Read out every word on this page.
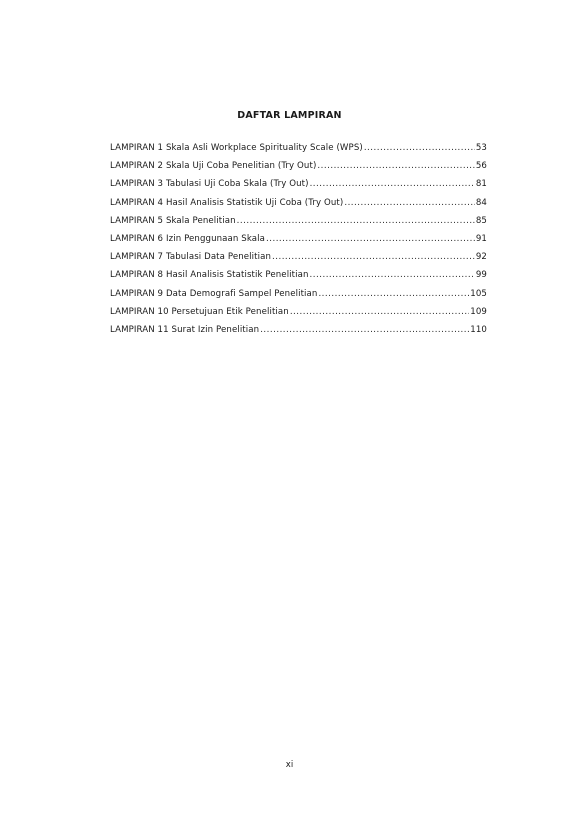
DAFTAR LAMPIRAN
LAMPIRAN 1 Skala Asli Workplace Spirituality Scale (WPS) .....	53
LAMPIRAN 2 Skala Uji Coba Penelitian (Try Out) .....	56
LAMPIRAN 3 Tabulasi Uji Coba Skala (Try Out) .....	81
LAMPIRAN 4 Hasil Analisis Statistik Uji Coba (Try Out) .....	84
LAMPIRAN 5 Skala Penelitian .....	85
LAMPIRAN 6 Izin Penggunaan Skala .....	91
LAMPIRAN 7 Tabulasi Data Penelitian .....	92
LAMPIRAN 8 Hasil Analisis Statistik Penelitian .....	99
LAMPIRAN 9 Data Demografi Sampel Penelitian .....	105
LAMPIRAN 10 Persetujuan Etik Penelitian .....	109
LAMPIRAN 11 Surat Izin Penelitian .....	110
xi
